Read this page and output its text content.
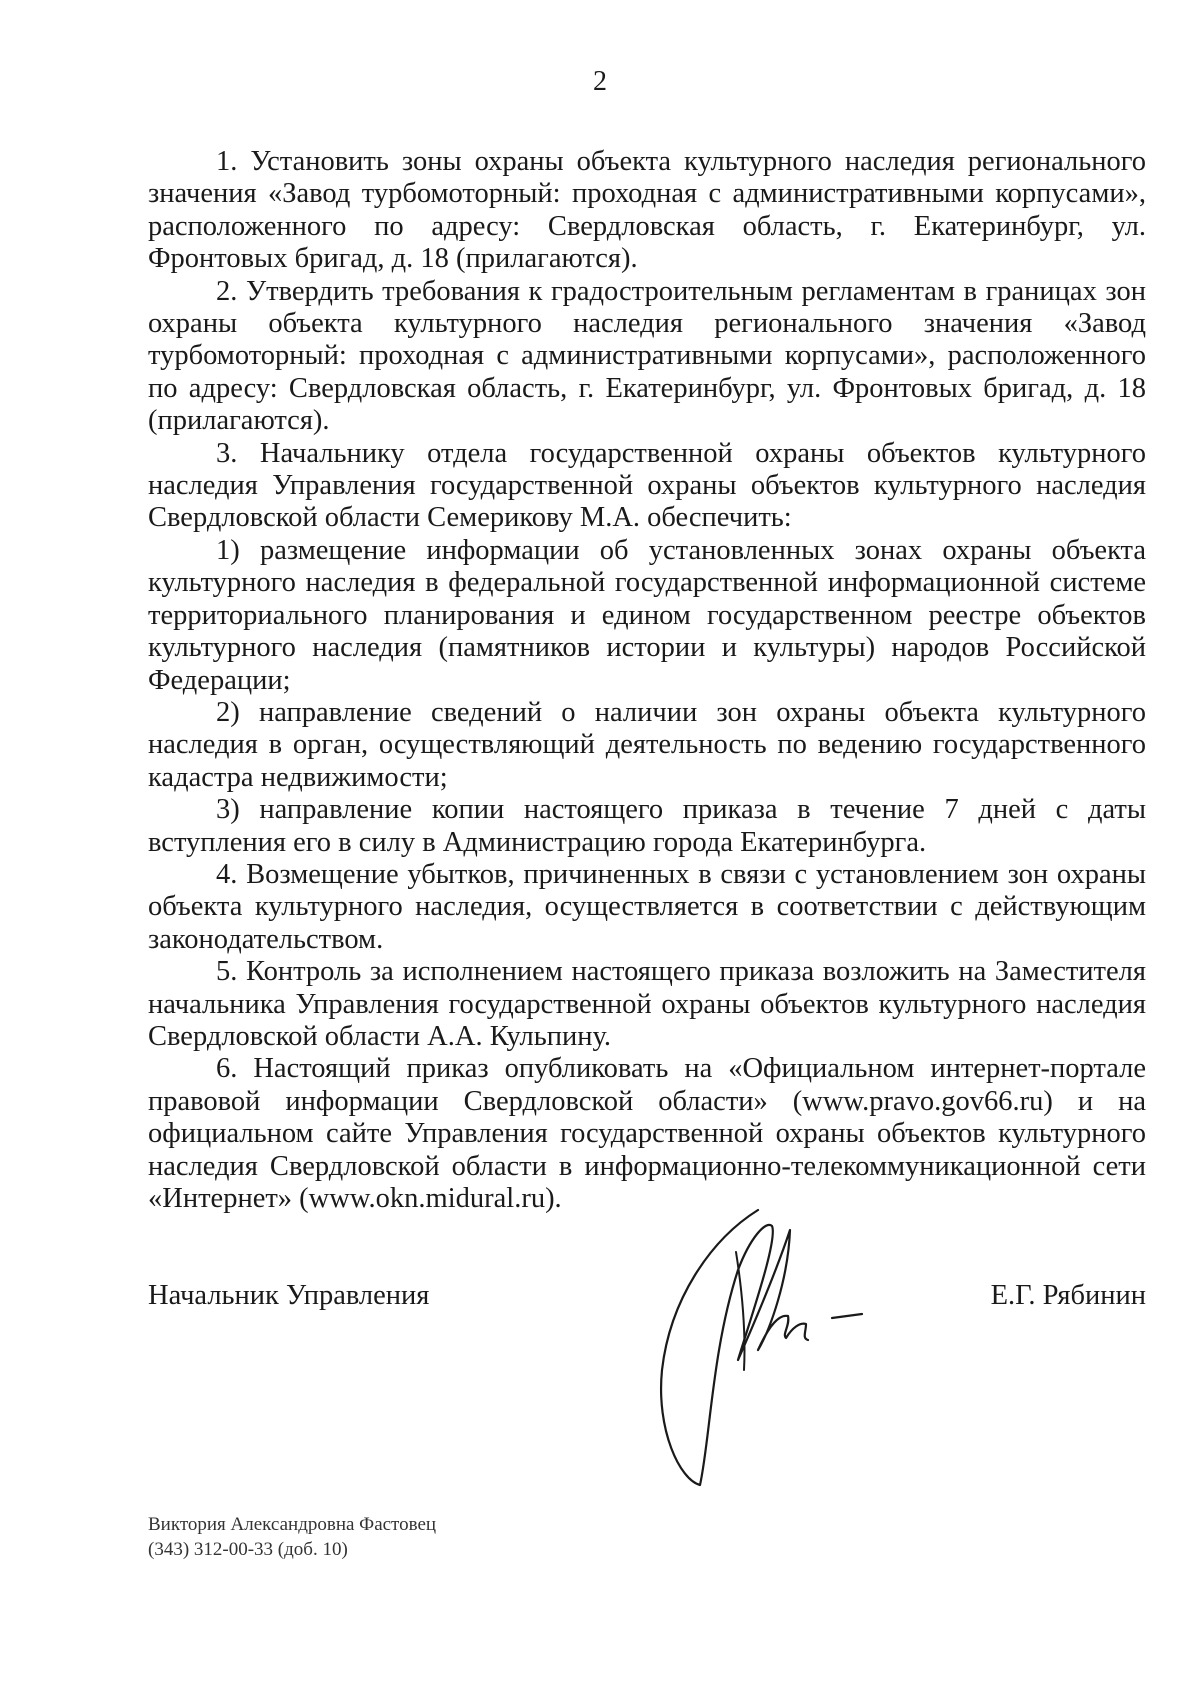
2

1. Установить зоны охраны объекта культурного наследия регионального значения «Завод турбомоторный: проходная с административными корпусами», расположенного по адресу: Свердловская область, г. Екатеринбург, ул. Фронтовых бригад, д. 18 (прилагаются).

2. Утвердить требования к градостроительным регламентам в границах зон охраны объекта культурного наследия регионального значения «Завод турбомоторный: проходная с административными корпусами», расположенного по адресу: Свердловская область, г. Екатеринбург, ул. Фронтовых бригад, д. 18 (прилагаются).

3. Начальнику отдела государственной охраны объектов культурного наследия Управления государственной охраны объектов культурного наследия Свердловской области Семерикову М.А. обеспечить:

1) размещение информации об установленных зонах охраны объекта культурного наследия в федеральной государственной информационной системе территориального планирования и едином государственном реестре объектов культурного наследия (памятников истории и культуры) народов Российской Федерации;

2) направление сведений о наличии зон охраны объекта культурного наследия в орган, осуществляющий деятельность по ведению государственного кадастра недвижимости;

3) направление копии настоящего приказа в течение 7 дней с даты вступления его в силу в Администрацию города Екатеринбурга.

4. Возмещение убытков, причиненных в связи с установлением зон охраны объекта культурного наследия, осуществляется в соответствии с действующим законодательством.

5. Контроль за исполнением настоящего приказа возложить на Заместителя начальника Управления государственной охраны объектов культурного наследия Свердловской области А.А. Кульпину.

6. Настоящий приказ опубликовать на «Официальном интернет-портале правовой информации Свердловской области» (www.pravo.gov66.ru) и на официальном сайте Управления государственной охраны объектов культурного наследия Свердловской области в информационно-телекоммуникационной сети «Интернет» (www.okn.midural.ru).

Начальник Управления	Е.Г. Рябинин
Виктория Александровна Фастовец
(343) 312-00-33 (доб. 10)
